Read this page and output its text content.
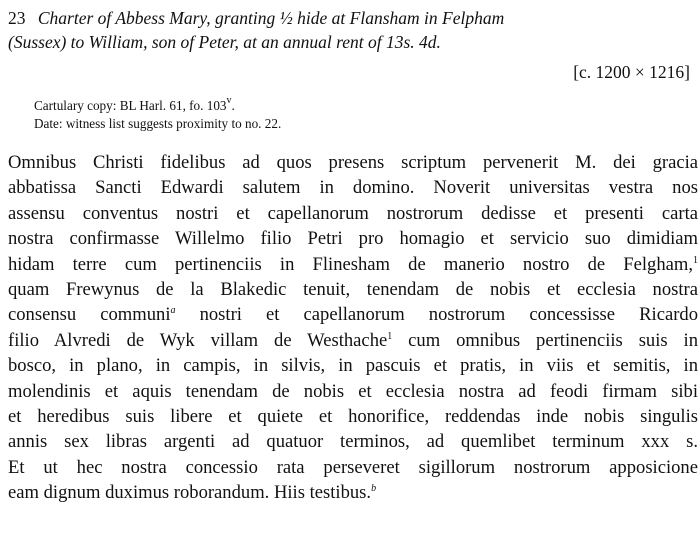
23 Charter of Abbess Mary, granting ½ hide at Flansham in Felpham
(Sussex) to William, son of Peter, at an annual rent of 13s. 4d.
[c. 1200 × 1216]
Cartulary copy: BL Harl. 61, fo. 103$^v$.
Date: witness list suggests proximity to no. 22.
Omnibus Christi fidelibus ad quos presens scriptum pervenerit M. dei gracia
abbatissa Sancti Edwardi salutem in domino. Noverit universitas vestra nos
assensu conventus nostri et capellanorum nostrorum dedisse et presenti carta
nostra confirmasse Willelmo filio Petri pro homagio et servicio suo dimidiam
hidam terre cum pertinenciis in Flinesham de manerio nostro de Felgham,$^1$
quam Frewynus de la Blakedic tenuit, tenendam de nobis et ecclesia nostra
consensu communi$^a$ nostri et capellanorum nostrorum concessisse Ricardo
filio Alvredi de Wyk villam de Westhache$^1$ cum omnibus pertinenciis suis in
bosco, in plano, in campis, in silvis, in pascuis et pratis, in viis et semitis, in
molendinis et aquis tenendam de nobis et ecclesia nostra ad feodi firmam sibi
et heredibus suis libere et quiete et honorifice, reddendas inde nobis singulis
annis sex libras argenti ad quatuor terminos, ad quemlibet terminum xxx s.
Et ut hec nostra concessio rata perseveret sigillorum nostrorum apposicione
eam dignum duximus roborandum. Hiis testibus.$^b$
